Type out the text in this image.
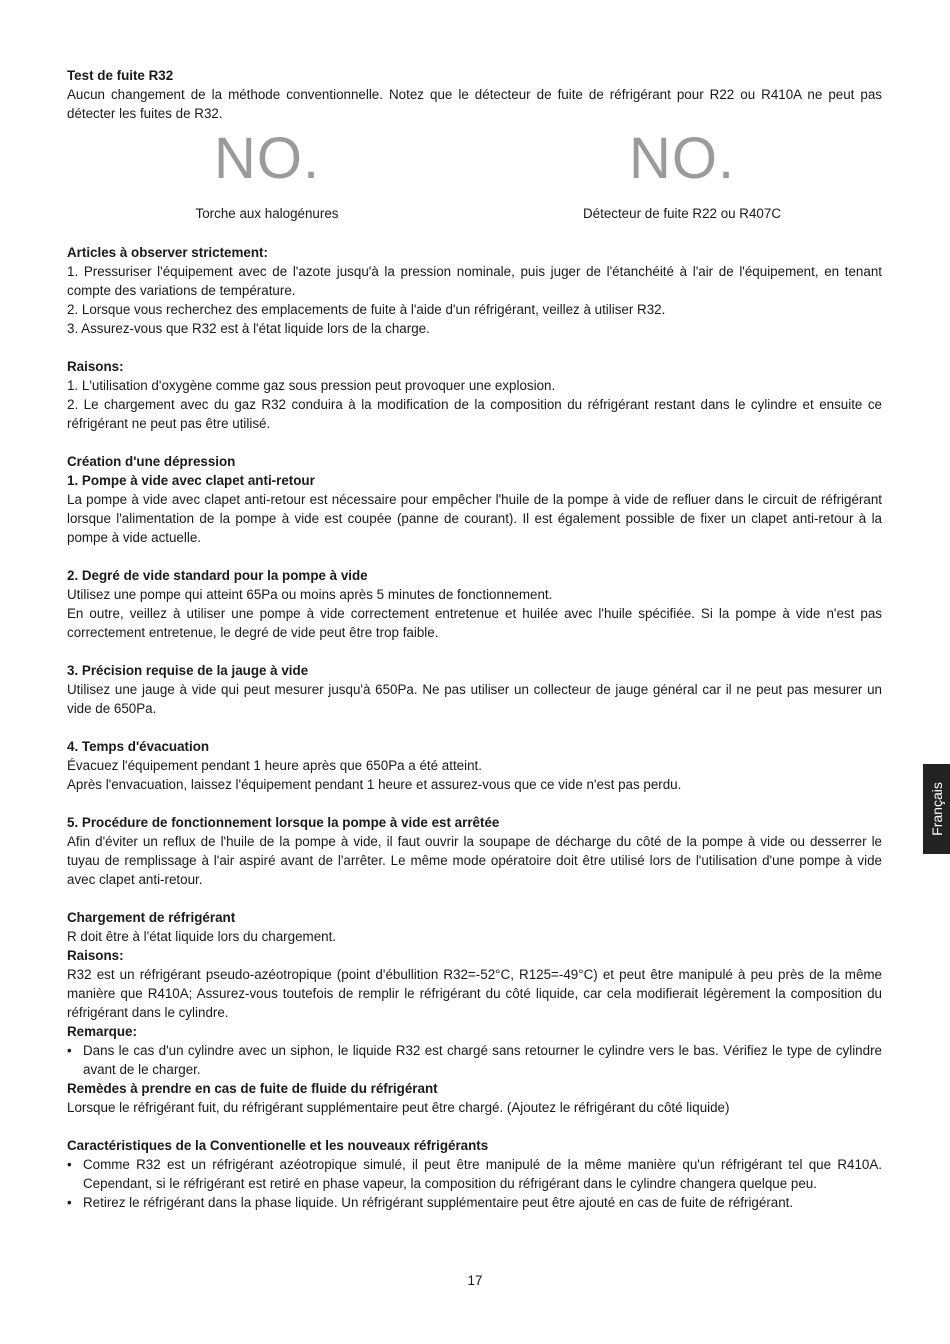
Test de fuite R32

Aucun changement de la méthode conventionnelle. Notez que le détecteur de fuite de réfrigérant pour R22 ou R410A ne peut pas détecter les fuites de R32.

NO.
Torche aux halogénures
NO.
Détecteur de fuite R22 ou R407C

Articles à observer strictement:

1. Pressuriser l'équipement avec de l'azote jusqu'à la pression nominale, puis juger de l'étanchéité à l'air de l'équipement, en tenant compte des variations de température.

2. Lorsque vous recherchez des emplacements de fuite à l'aide d'un réfrigérant, veillez à utiliser R32.

3. Assurez-vous que R32 est à l'état liquide lors de la charge.

Raisons:

1. L'utilisation d'oxygène comme gaz sous pression peut provoquer une explosion.

2. Le chargement avec du gaz R32 conduira à la modification de la composition du réfrigérant restant dans le cylindre et ensuite ce réfrigérant ne peut pas être utilisé.

Création d'une dépression

1. Pompe à vide avec clapet anti-retour

La pompe à vide avec clapet anti-retour est nécessaire pour empêcher l'huile de la pompe à vide de refluer dans le circuit de réfrigérant lorsque l'alimentation de la pompe à vide est coupée (panne de courant). Il est également possible de fixer un clapet anti-retour à la pompe à vide actuelle.

2. Degré de vide standard pour la pompe à vide

Utilisez une pompe qui atteint 65Pa ou moins après 5 minutes de fonctionnement.

En outre, veillez à utiliser une pompe à vide correctement entretenue et huilée avec l'huile spécifiée. Si la pompe à vide n'est pas correctement entretenue, le degré de vide peut être trop faible.

3. Précision requise de la jauge à vide

Utilisez une jauge à vide qui peut mesurer jusqu'à 650Pa. Ne pas utiliser un collecteur de jauge général car il ne peut pas mesurer un vide de 650Pa.

4. Temps d'évacuation

Évacuez l'équipement pendant 1 heure après que 650Pa a été atteint.

Après l'envacuation, laissez l'équipement pendant 1 heure et assurez-vous que ce vide n'est pas perdu.

5. Procédure de fonctionnement lorsque la pompe à vide est arrêtée

Afin d'éviter un reflux de l'huile de la pompe à vide, il faut ouvrir la soupape de décharge du côté de la pompe à vide ou desserrer le tuyau de remplissage à l'air aspiré avant de l'arrêter. Le même mode opératoire doit être utilisé lors de l'utilisation d'une pompe à vide avec clapet anti-retour.

Chargement de réfrigérant

R doit être à l'état liquide lors du chargement.

Raisons:

R32 est un réfrigérant pseudo-azéotropique (point d'ébullition R32=-52°C, R125=-49°C) et peut être manipulé à peu près de la même manière que R410A; Assurez-vous toutefois de remplir le réfrigérant du côté liquide, car cela modifierait légèrement la composition du réfrigérant dans le cylindre.

Remarque:

• Dans le cas d'un cylindre avec un siphon, le liquide R32 est chargé sans retourner le cylindre vers le bas. Vérifiez le type de cylindre avant de le charger.

Remèdes à prendre en cas de fuite de fluide du réfrigérant

Lorsque le réfrigérant fuit, du réfrigérant supplémentaire peut être chargé. (Ajoutez le réfrigérant du côté liquide)

Caractéristiques de la Conventionelle et les nouveaux réfrigérants

• Comme R32 est un réfrigérant azéotropique simulé, il peut être manipulé de la même manière qu'un réfrigérant tel que R410A. Cependant, si le réfrigérant est retiré en phase vapeur, la composition du réfrigérant dans le cylindre changera quelque peu.
• Retirez le réfrigérant dans la phase liquide. Un réfrigérant supplémentaire peut être ajouté en cas de fuite de réfrigérant.
Français
17
